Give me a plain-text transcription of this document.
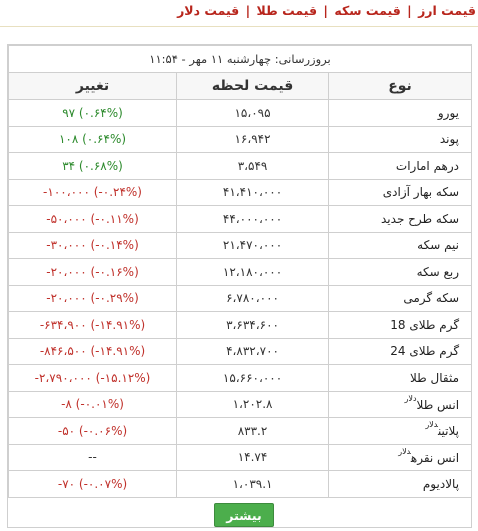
قیمت ارز | قیمت سکه | قیمت طلا | قیمت دلار
بروزرسانی: چهارشنبه ۱۱ مهر - ۱۱:۵۴		
نوع	قیمت لحظه	تغییر
یورو	۱۵،۰۹۵	۹۷ (۰.۶۴%)
پوند	۱۶،۹۴۲	۱۰۸ (۰.۶۴%)
درهم امارات	۳،۵۴۹	۳۴ (۰.۶۸%)
سکه بهار آزادی	۴۱،۴۱۰،۰۰۰	-۱۰۰،۰۰۰ (-۰.۲۴%)
سکه طرح جدید	۴۴،۰۰۰،۰۰۰	-۵۰،۰۰۰ (-۰.۱۱%)
نیم سکه	۲۱،۴۷۰،۰۰۰	-۳۰،۰۰۰ (-۰.۱۴%)
ربع سکه	۱۲،۱۸۰،۰۰۰	-۲۰،۰۰۰ (-۰.۱۶%)
سکه گرمی	۶،۷۸۰،۰۰۰	-۲۰،۰۰۰ (-۰.۲۹%)
گرم طلای 18	۳،۶۳۴،۶۰۰	-۶۳۴،۹۰۰ (-۱۴.۹۱%)
گرم طلای 24	۴،۸۳۲،۷۰۰	-۸۴۶،۵۰۰ (-۱۴.۹۱%)
مثقال طلا	۱۵،۶۶۰،۰۰۰	-۲،۷۹۰،۰۰۰ (-۱۵.۱۲%)
انس طلا$^{دلار}$	۱،۲۰۲.۸	-۸ (-۰.۰۱%)
پلاتین$^{دلار}$	۸۳۳.۲	-۵۰ (-۰.۰۶%)
انس نقره$^{دلار}$	۱۴.۷۴	--
پالادیوم	۱،۰۳۹.۱	-۷۰ (-۰.۰۷%)
بیشتر
